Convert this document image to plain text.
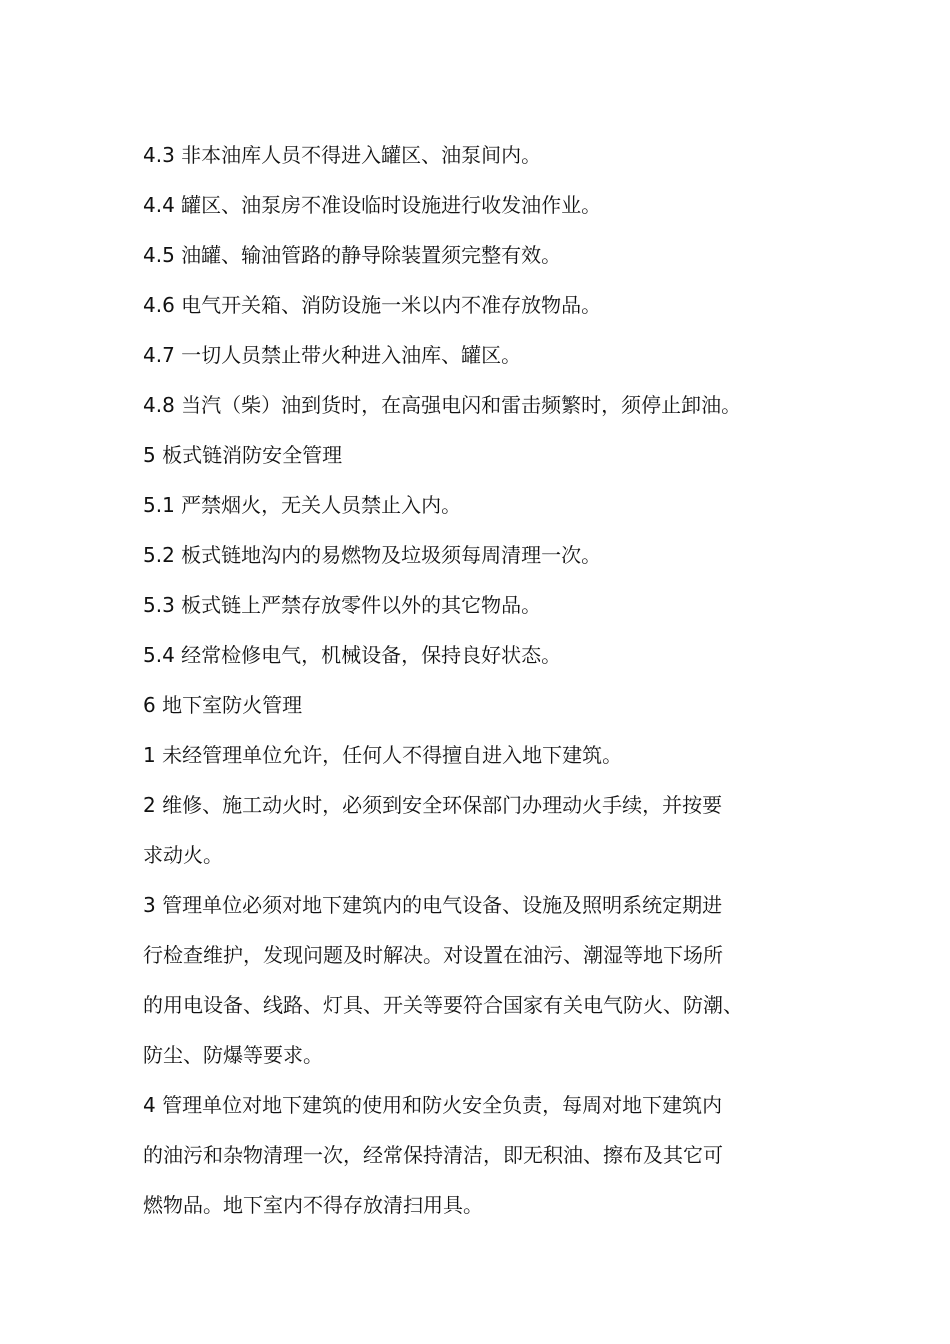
4.3 非本油库人员不得进入罐区、油泵间内。

4.4 罐区、油泵房不准设临时设施进行收发油作业。

4.5 油罐、输油管路的静导除装置须完整有效。

4.6 电气开关箱、消防设施一米以内不准存放物品。

4.7 一切人员禁止带火种进入油库、罐区。

4.8 当汽（柴）油到货时，在高强电闪和雷击频繁时，须停止卸油。

5 板式链消防安全管理

5.1 严禁烟火，无关人员禁止入内。

5.2 板式链地沟内的易燃物及垃圾须每周清理一次。

5.3 板式链上严禁存放零件以外的其它物品。

5.4 经常检修电气，机械设备，保持良好状态。

6 地下室防火管理

1 未经管理单位允许，任何人不得擅自进入地下建筑。

2 维修、施工动火时，必须到安全环保部门办理动火手续，并按要

求动火。

3 管理单位必须对地下建筑内的电气设备、设施及照明系统定期进

行检查维护，发现问题及时解决。对设置在油污、潮湿等地下场所

的用电设备、线路、灯具、开关等要符合国家有关电气防火、防潮、

防尘、防爆等要求。

4 管理单位对地下建筑的使用和防火安全负责，每周对地下建筑内

的油污和杂物清理一次，经常保持清洁，即无积油、擦布及其它可

燃物品。地下室内不得存放清扫用具。
